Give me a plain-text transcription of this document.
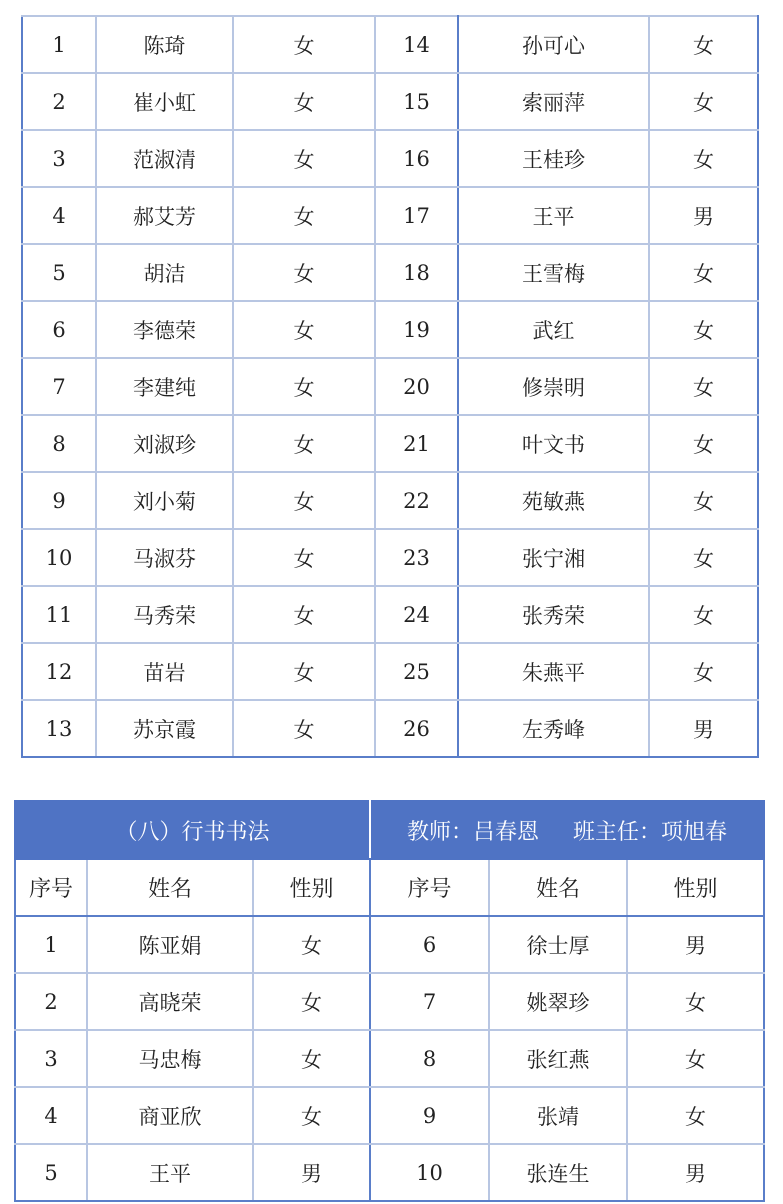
1	陈琦	女	14	孙可心	女
2	崔小虹	女	15	索丽萍	女
3	范淑清	女	16	王桂珍	女
4	郝艾芳	女	17	王平	男
5	胡洁	女	18	王雪梅	女
6	李德荣	女	19	武红	女
7	李建纯	女	20	修崇明	女
8	刘淑珍	女	21	叶文书	女
9	刘小菊	女	22	苑敏燕	女
10	马淑芬	女	23	张宁湘	女
11	马秀荣	女	24	张秀荣	女
12	苗岩	女	25	朱燕平	女
13	苏京霞	女	26	左秀峰	男
（八）行书书法			教师：吕春恩 班主任：项旭春		
序号	姓名	性别	序号	姓名	性别
1	陈亚娟	女	6	徐士厚	男
2	高晓荣	女	7	姚翠珍	女
3	马忠梅	女	8	张红燕	女
4	商亚欣	女	9	张靖	女
5	王平	男	10	张连生	男
